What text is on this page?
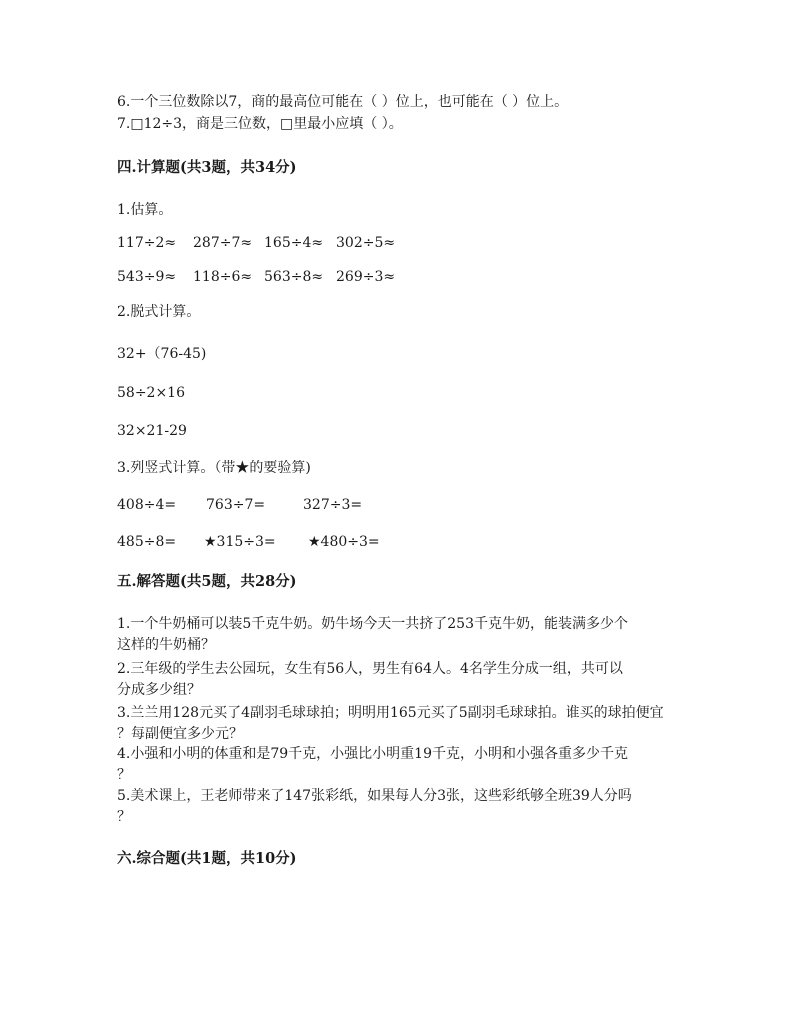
6.一个三位数除以7，商的最高位可能在（ ）位上，也可能在（ ）位上。
7.□12÷3，商是三位数，□里最小应填（ ）。
四.计算题(共3题，共34分)
1.估算。
117÷2≈ 287÷7≈ 165÷4≈ 302÷5≈
543÷9≈ 118÷6≈ 563÷8≈ 269÷3≈
2.脱式计算。
32+（76-45)
58÷2×16
32×21-29
3.列竖式计算。（带★的要验算)
408÷4= 763÷7=	327÷3=
485÷8= ★315÷3= ★480÷3=
五.解答题(共5题，共28分)
1.一个牛奶桶可以装5千克牛奶。奶牛场今天一共挤了253千克牛奶，能装满多少个
这样的牛奶桶？
2.三年级的学生去公园玩，女生有56人，男生有64人。4名学生分成一组，共可以
分成多少组？
3.兰兰用128元买了4副羽毛球球拍；明明用165元买了5副羽毛球球拍。谁买的球拍便宜
？每副便宜多少元？
4.小强和小明的体重和是79千克，小强比小明重19千克，小明和小强各重多少千克
？
5.美术课上，王老师带来了147张彩纸，如果每人分3张，这些彩纸够全班39人分吗
？
六.综合题(共1题，共10分)
